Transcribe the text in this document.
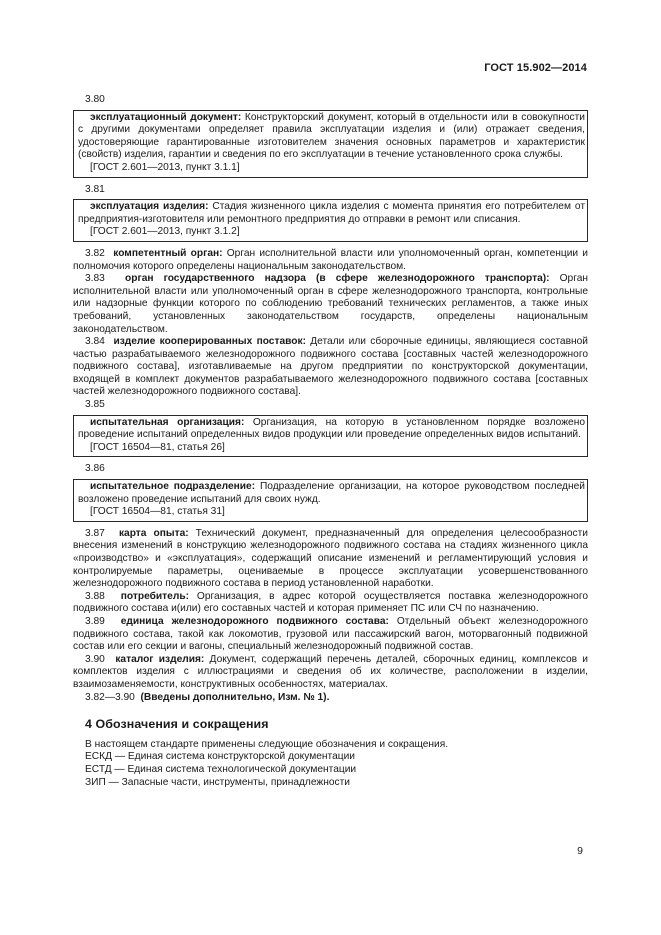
ГОСТ 15.902—2014

3.80

эксплуатационный документ: Конструкторский документ, который в отдельности или в совокупности с другими документами определяет правила эксплуатации изделия и (или) отражает сведения, удостоверяющие гарантированные изготовителем значения основных параметров и характеристик (свойств) изделия, гарантии и сведения по его эксплуатации в течение установленного срока службы.

[ГОСТ 2.601—2013, пункт 3.1.1]

3.81

эксплуатация изделия: Стадия жизненного цикла изделия с момента принятия его потребителем от предприятия-изготовителя или ремонтного предприятия до отправки в ремонт или списания.

[ГОСТ 2.601—2013, пункт 3.1.2]

3.82 компетентный орган: Орган исполнительной власти или уполномоченный орган, компетенции и полномочия которого определены национальным законодательством.

3.83 орган государственного надзора (в сфере железнодорожного транспорта): Орган исполнительной власти или уполномоченный орган в сфере железнодорожного транспорта, контрольные или надзорные функции которого по соблюдению требований технических регламентов, а также иных требований, установленных законодательством государств, определены национальным законодательством.

3.84 изделие кооперированных поставок: Детали или сборочные единицы, являющиеся составной частью разрабатываемого железнодорожного подвижного состава [составных частей железнодорожного подвижного состава], изготавливаемые на другом предприятии по конструкторской документации, входящей в комплект документов разрабатываемого железнодорожного подвижного состава [составных частей железнодорожного подвижного состава].

3.85

испытательная организация: Организация, на которую в установленном порядке возложено проведение испытаний определенных видов продукции или проведение определенных видов испытаний.

[ГОСТ 16504—81, статья 26]

3.86

испытательное подразделение: Подразделение организации, на которое руководством последней возложено проведение испытаний для своих нужд.

[ГОСТ 16504—81, статья 31]

3.87 карта опыта: Технический документ, предназначенный для определения целесообразности внесения изменений в конструкцию железнодорожного подвижного состава на стадиях жизненного цикла «производство» и «эксплуатация», содержащий описание изменений и регламентирующий условия и контролируемые параметры, оцениваемые в процессе эксплуатации усовершенствованного железнодорожного подвижного состава в период установленной наработки.

3.88 потребитель: Организация, в адрес которой осуществляется поставка железнодорожного подвижного состава и(или) его составных частей и которая применяет ПС или СЧ по назначению.

3.89 единица железнодорожного подвижного состава: Отдельный объект железнодорожного подвижного состава, такой как локомотив, грузовой или пассажирский вагон, моторвагонный подвижной состав или его секции и вагоны, специальный железнодорожный подвижной состав.

3.90 каталог изделия: Документ, содержащий перечень деталей, сборочных единиц, комплексов и комплектов изделия с иллюстрациями и сведения об их количестве, расположении в изделии, взаимозаменяемости, конструктивных особенностях, материалах.

3.82—3.90 (Введены дополнительно, Изм. № 1).

4 Обозначения и сокращения

В настоящем стандарте применены следующие обозначения и сокращения.

ЕСКД — Единая система конструкторской документации

ЕСТД — Единая система технологической документации

ЗИП — Запасные части, инструменты, принадлежности

9
